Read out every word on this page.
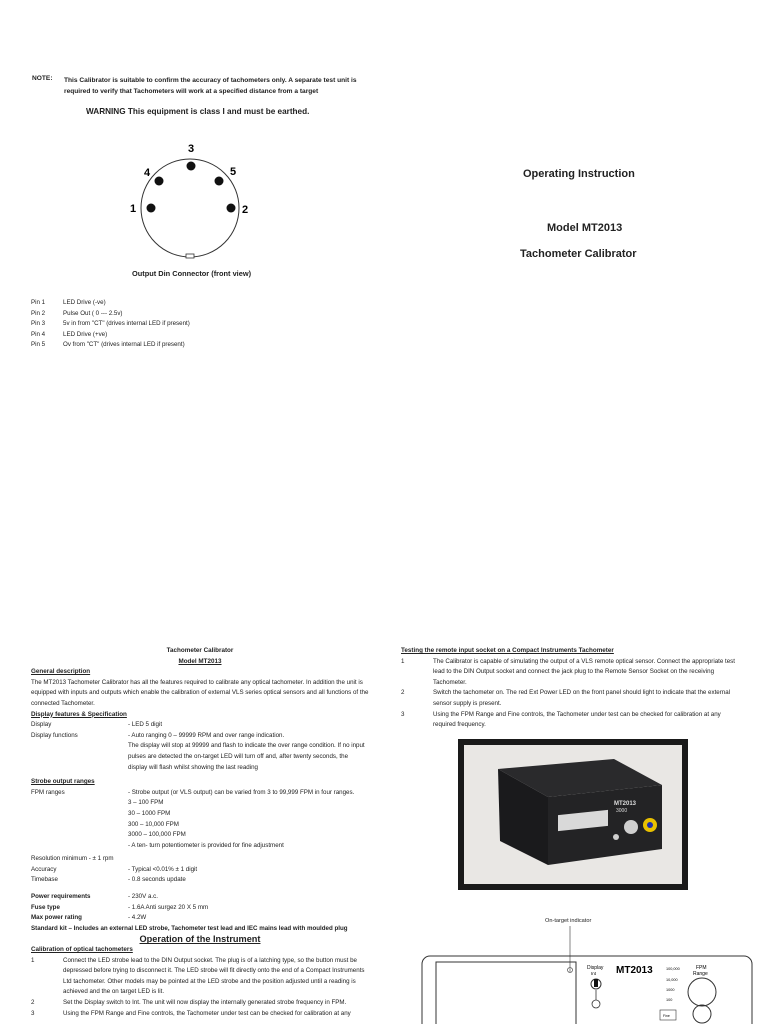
NOTE: This Calibrator is suitable to confirm the accuracy of tachometers only. A separate test unit is required to verify that Tachometers will work at a specified distance from a target
WARNING This equipment is class I and must be earthed.
3
4	5
1	2
Output Din Connector (front view)
Pin 1	LED Drive (-ve)
Pin 2	Pulse Out ( 0 --- 2.5v)
Pin 3	5v in from "CT" (drives internal LED if present)
Pin 4	LED Drive (+ve)
Pin 5	Ov from "CT" (drives internal LED if present)
Operating Instruction
Model MT2013
Tachometer Calibrator
Tachometer Calibrator
Model MT2013
General description
The MT2013 Tachometer Calibrator has all the features required to calibrate any optical tachometer. In addition the unit is equipped with inputs and outputs which enable the calibration of external VLS series optical sensors and all functions of the connected Tachometer.
Display features & Specification
Display	- LED 5 digit
Display functions	- Auto ranging 0 – 99999 RPM and over range indication.
The display will stop at 99999 and flash to indicate the over range condition. If no input pulses are detected the on-target LED will turn off and, after twenty seconds, the display will flash whilst showing the last reading
Strobe output ranges
FPM ranges	- Strobe output (or VLS output) can be varied from 3 to 99,999 FPM in four ranges.
3 – 100 FPM
30 – 1000 FPM
300 – 10,000 FPM
3000 – 100,000 FPM
- A ten- turn potentiometer is provided for fine adjustment
Resolution minimum - ± 1 rpm
Accuracy	- Typical <0.01% ± 1 digit
Timebase	- 0.8 seconds update
Power requirements	- 230V a.c.
Fuse type	- 1.6A Anti surgez 20 X 5 mm
Max power rating	- 4.2W
Standard kit – Includes an external LED strobe, Tachometer test lead and IEC mains lead with moulded plug
Operation of the Instrument
Calibration of optical tachometers
1	Connect the LED strobe lead to the DIN Output socket. The plug is of a latching type, so the button must be depressed before trying to disconnect it. The LED strobe will fit directly onto the end of a Compact Instruments Ltd tachometer. Other models may be pointed at the LED strobe and the position adjusted until a reading is achieved and the on target LED is lit.
2	Set the Display switch to Int. The unit will now display the internally generated strobe frequency in FPM.
3	Using the FPM Range and Fine controls, the Tachometer under test can be checked for calibration at any
Testing the remote input socket on a Compact Instruments Tachometer
1	The Calibrator is capable of simulating the output of a VLS remote optical sensor. Connect the appropriate test lead to the DIN Output socket and connect the jack plug to the Remote Sensor Socket on the receiving Tachometer.
2	Switch the tachometer on. The red Ext Power LED on the front panel should light to indicate that the external sensor supply is present.
3	Using the FPM Range and Fine controls, the Tachometer under test can be checked for calibration at any required frequency.
MT2013
3000
On-target indicator
Display
Int MT2013	FPM
Range
100,000
10,000
1000
100
Fine
